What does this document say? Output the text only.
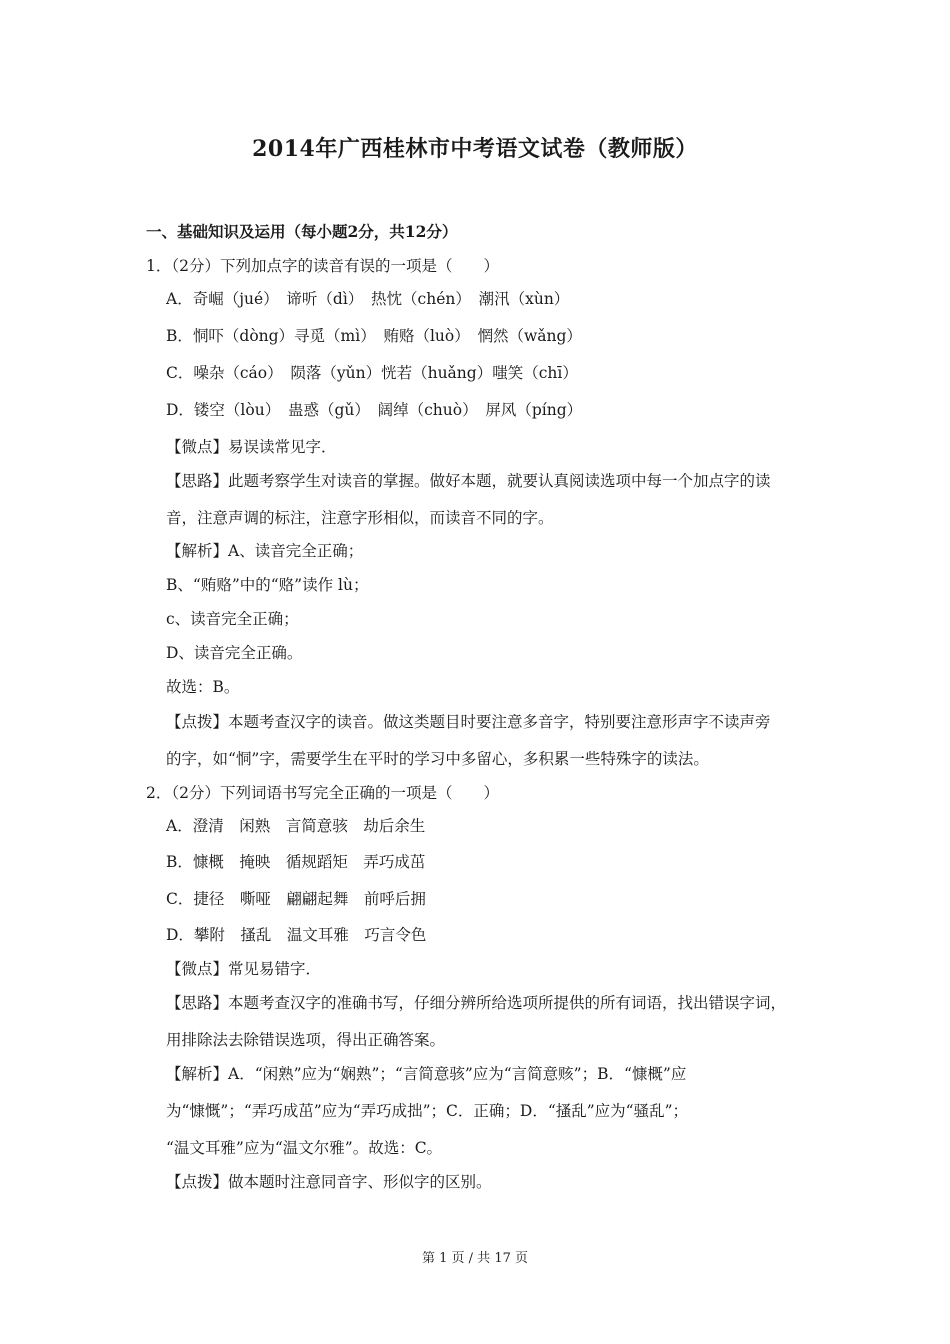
2014年广西桂林市中考语文试卷（教师版）
一、基础知识及运用（每小题2分，共12分）
1．（2分）下列加点字的读音有误的一项是（　　）
A．奇崛（jué）　谛听（dì）　热忱（chén）　潮汛（xùn）
B．恫吓（dòng）寻觅（mì）　贿赂（luò）　惘然（wǎng）
C．噪杂（cáo）　陨落（yǔn）恍若（huǎng）嗤笑（chī）
D．镂空（lòu）　蛊惑（gǔ）　阔绰（chuò）　屏风（píng）
【微点】易误读常见字．
【思路】此题考察学生对读音的掌握。做好本题，就要认真阅读选项中每一个加点字的读
音，注意声调的标注，注意字形相似，而读音不同的字。
【解析】A、读音完全正确；
B、“贿赂”中的“赂”读作 lù；
c、读音完全正确；
D、读音完全正确。
故选：B。
【点拨】本题考查汉字的读音。做这类题目时要注意多音字，特别要注意形声字不读声旁
的字，如“恫”字，需要学生在平时的学习中多留心，多积累一些特殊字的读法。
2．（2分）下列词语书写完全正确的一项是（　　）
A．澄清　闲熟　言简意骇　劫后余生
B．慷概　掩映　循规蹈矩　弄巧成茁
C．捷径　嘶哑　翩翩起舞　前呼后拥
D．攀附　搔乱　温文耳雅　巧言令色
【微点】常见易错字．
【思路】本题考查汉字的准确书写，仔细分辨所给选项所提供的所有词语，找出错误字词，
用排除法去除错误选项，得出正确答案。
【解析】A．“闲熟”应为“娴熟”；“言简意骇”应为“言简意赅”；B．“慷概”应
为“慷慨”；“弄巧成茁”应为“弄巧成拙”；C．正确；D．“搔乱”应为“骚乱”；
“温文耳雅”应为“温文尔雅”。故选：C。
【点拨】做本题时注意同音字、形似字的区别。
第 1 页 / 共 17 页
